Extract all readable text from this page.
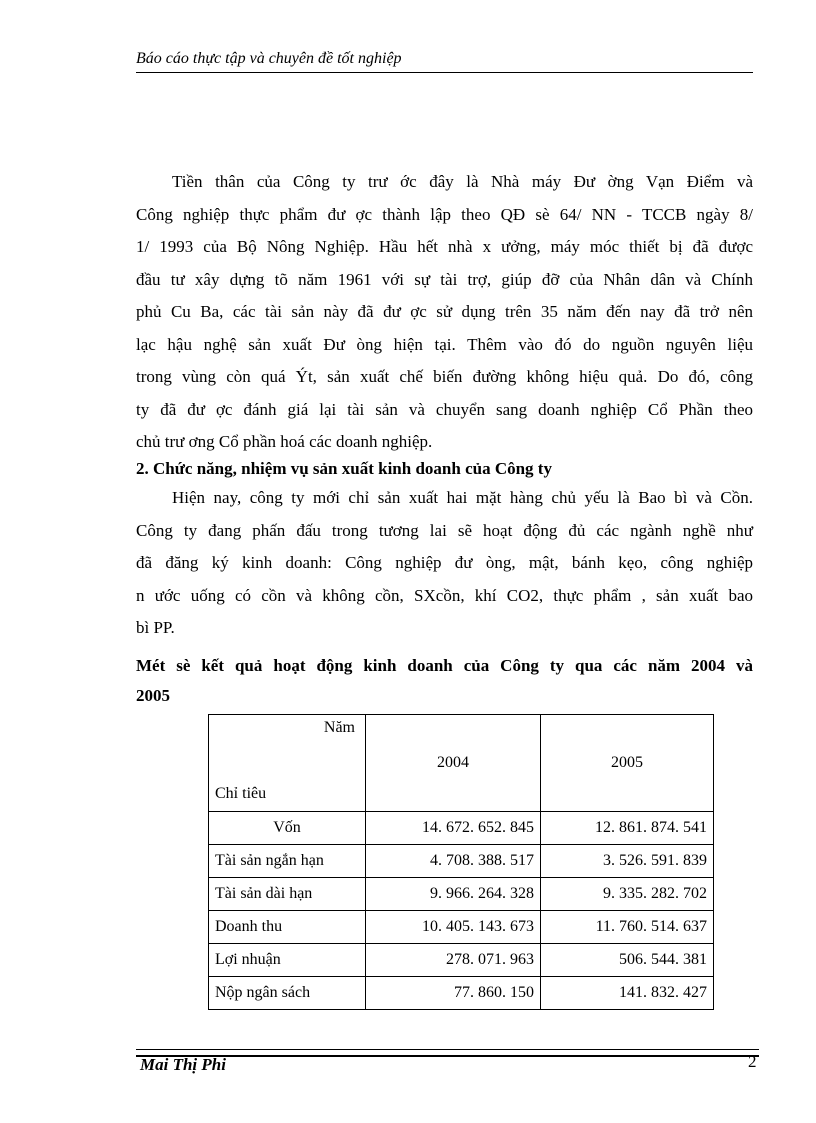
Báo cáo thực tập và chuyên đề tốt nghiệp

Tiền thân của Công ty trư ớc đây là Nhà máy Đư ờng Vạn Điểm và

Công nghiệp thực phẩm đư ợc thành lập theo QĐ sè 64/ NN - TCCB ngày 8/

1/ 1993 của Bộ Nông Nghiệp. Hầu hết nhà x ưởng, máy móc thiết bị đã được

đầu tư xây dựng tõ năm 1961 với sự tài trợ, giúp đỡ của Nhân dân và Chính

phủ Cu Ba, các tài sản này đã đư ợc sử dụng trên 35 năm đến nay đã trở nên

lạc hậu nghệ sản xuất Đư òng hiện tại. Thêm vào đó do nguồn nguyên liệu

trong vùng còn quá Ýt, sản xuất chế biến đường không hiệu quả. Do đó, công

ty đã đư ợc đánh giá lại tài sản và chuyển sang doanh nghiệp Cổ Phần theo

chủ trư ơng Cổ phần hoá các doanh nghiệp.

2. Chức năng, nhiệm vụ sản xuất kinh doanh của Công ty

Hiện nay, công ty mới chỉ sản xuất hai mặt hàng chủ yếu là Bao bì và Cồn.

Công ty đang phấn đấu trong tương lai sẽ hoạt động đủ các ngành nghề như

đã đăng ký kinh doanh: Công nghiệp đư òng, mật, bánh kẹo, công nghiệp

n ước uống có cồn và không cồn, SXcồn, khí CO2, thực phẩm , sản xuất bao

bì PP.

Mét sè kết quả hoạt động kinh doanh của Công ty qua các năm 2004 và
2005
Năm
Chỉ tiêu	2004	2005
Vốn	14. 672. 652. 845	12. 861. 874. 541
Tài sản ngắn hạn	4. 708. 388. 517	3. 526. 591. 839
Tài sản dài hạn	9. 966. 264. 328	9. 335. 282. 702
Doanh thu	10. 405. 143. 673	11. 760. 514. 637
Lợi nhuận	278. 071. 963	506. 544. 381
Nộp ngân sách	77. 860. 150	141. 832. 427
Mai Thị Phi	2
